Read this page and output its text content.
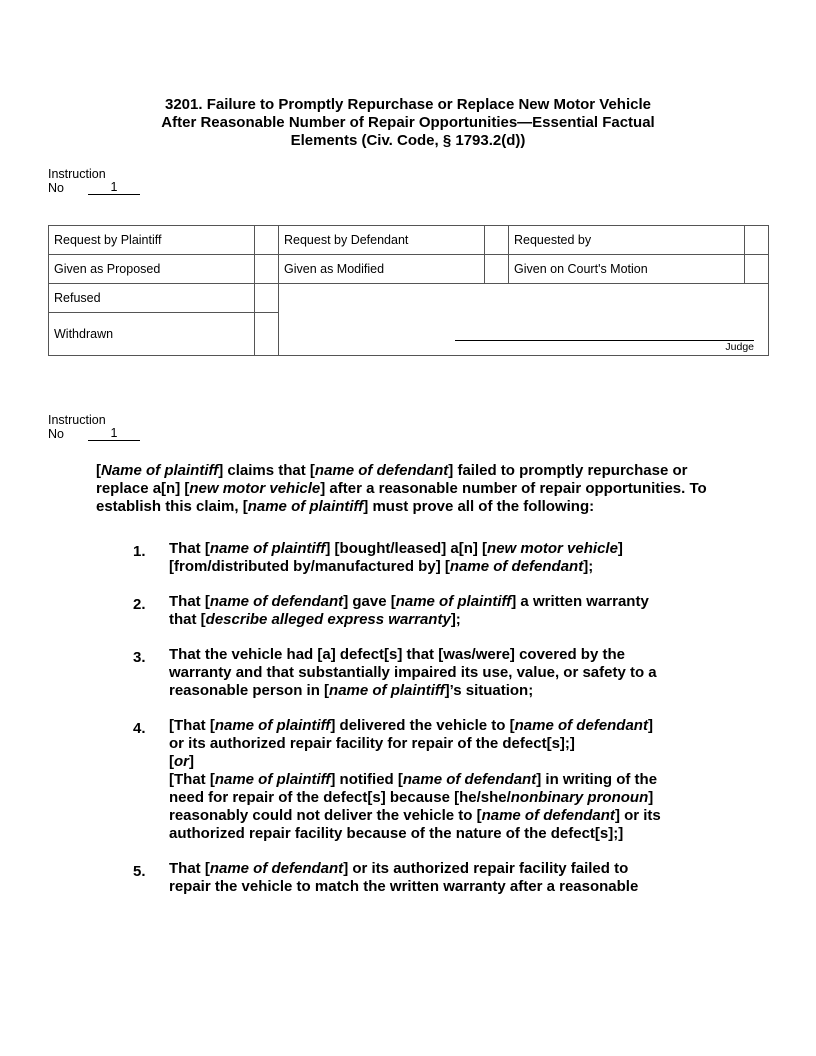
3201. Failure to Promptly Repurchase or Replace New Motor Vehicle
After Reasonable Number of Repair Opportunities—Essential Factual
Elements (Civ. Code, § 1793.2(d))
Instruction
No	1
Request by Plaintiff		Request by Defendant		Requested by	
Given as Proposed		Given as Modified		Given on Court's Motion	
Refused		Judge			

Withdrawn					
Instruction
No	1

[Name of plaintiff] claims that [name of defendant] failed to promptly repurchase or replace a[n] [new motor vehicle] after a reasonable number of repair opportunities. To establish this claim, [name of plaintiff] must prove all of the following:

1.	That [name of plaintiff] [bought/leased] a[n] [new motor vehicle] [from/distributed by/manufactured by] [name of defendant];

2.	That [name of defendant] gave [name of plaintiff] a written warranty that [describe alleged express warranty];

3.	That the vehicle had [a] defect[s] that [was/were] covered by the warranty and that substantially impaired its use, value, or safety to a reasonable person in [name of plaintiff]’s situation;

4.	[That [name of plaintiff] delivered the vehicle to [name of defendant] or its authorized repair facility for repair of the defect[s];]

[or]

[That [name of plaintiff] notified [name of defendant] in writing of the need for repair of the defect[s] because [he/she/nonbinary pronoun] reasonably could not deliver the vehicle to [name of defendant] or its authorized repair facility because of the nature of the defect[s];]

5.	That [name of defendant] or its authorized repair facility failed to repair the vehicle to match the written warranty after a reasonable
